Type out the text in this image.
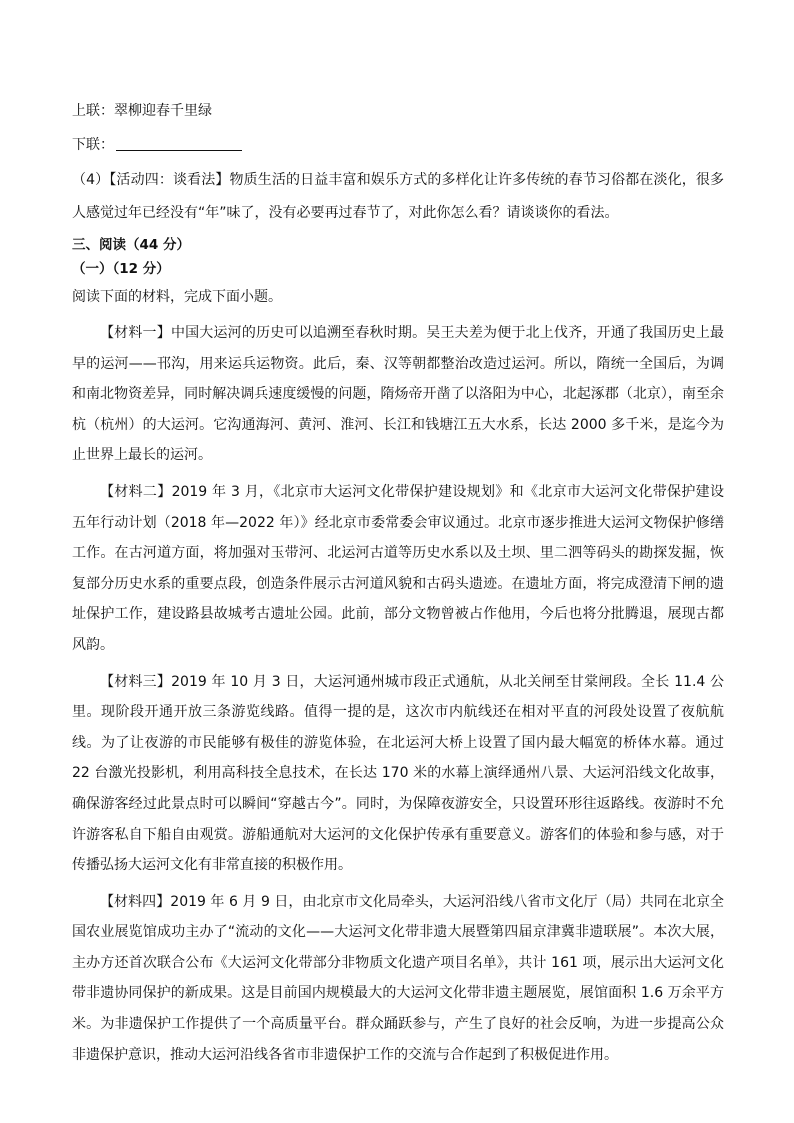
上联：翠柳迎春千里绿

下联：

（4）【活动四：谈看法】物质生活的日益丰富和娱乐方式的多样化让许多传统的春节习俗都在淡化，很多人感觉过年已经没有“年”味了，没有必要再过春节了，对此你怎么看？请谈谈你的看法。

三、阅读（44 分）

（一）（12 分）

阅读下面的材料，完成下面小题。

【材料一】中国大运河的历史可以追溯至春秋时期。吴王夫差为便于北上伐齐，开通了我国历史上最早的运河——邗沟，用来运兵运物资。此后，秦、汉等朝都整治改造过运河。所以，隋统一全国后，为调和南北物资差异，同时解决调兵速度缓慢的问题，隋炀帝开凿了以洛阳为中心，北起涿郡（北京），南至余杭（杭州）的大运河。它沟通海河、黄河、淮河、长江和钱塘江五大水系，长达 2000 多千米，是迄今为止世界上最长的运河。

【材料二】2019 年 3 月，《北京市大运河文化带保护建设规划》和《北京市大运河文化带保护建设五年行动计划（2018 年—2022 年）》经北京市委常委会审议通过。北京市逐步推进大运河文物保护修缮工作。在古河道方面，将加强对玉带河、北运河古道等历史水系以及土坝、里二泗等码头的勘探发掘，恢复部分历史水系的重要点段，创造条件展示古河道风貌和古码头遗迹。在遗址方面，将完成澄清下闸的遗址保护工作，建设路县故城考古遗址公园。此前，部分文物曾被占作他用，今后也将分批腾退，展现古都风韵。

【材料三】2019 年 10 月 3 日，大运河通州城市段正式通航，从北关闸至甘棠闸段。全长 11.4 公里。现阶段开通开放三条游览线路。值得一提的是，这次市内航线还在相对平直的河段处设置了夜航航线。为了让夜游的市民能够有极佳的游览体验，在北运河大桥上设置了国内最大幅宽的桥体水幕。通过 22 台激光投影机，利用高科技全息技术，在长达 170 米的水幕上演绎通州八景、大运河沿线文化故事，确保游客经过此景点时可以瞬间“穿越古今”。同时，为保障夜游安全，只设置环形往返路线。夜游时不允许游客私自下船自由观赏。游船通航对大运河的文化保护传承有重要意义。游客们的体验和参与感，对于传播弘扬大运河文化有非常直接的积极作用。

【材料四】2019 年 6 月 9 日，由北京市文化局牵头，大运河沿线八省市文化厅（局）共同在北京全国农业展览馆成功主办了“流动的文化——大运河文化带非遗大展暨第四届京津冀非遗联展”。本次大展，主办方还首次联合公布《大运河文化带部分非物质文化遗产项目名单》，共计 161 项，展示出大运河文化带非遗协同保护的新成果。这是目前国内规模最大的大运河文化带非遗主题展览，展馆面积 1.6 万余平方米。为非遗保护工作提供了一个高质量平台。群众踊跃参与，产生了良好的社会反响，为进一步提高公众非遗保护意识，推动大运河沿线各省市非遗保护工作的交流与合作起到了积极促进作用。
